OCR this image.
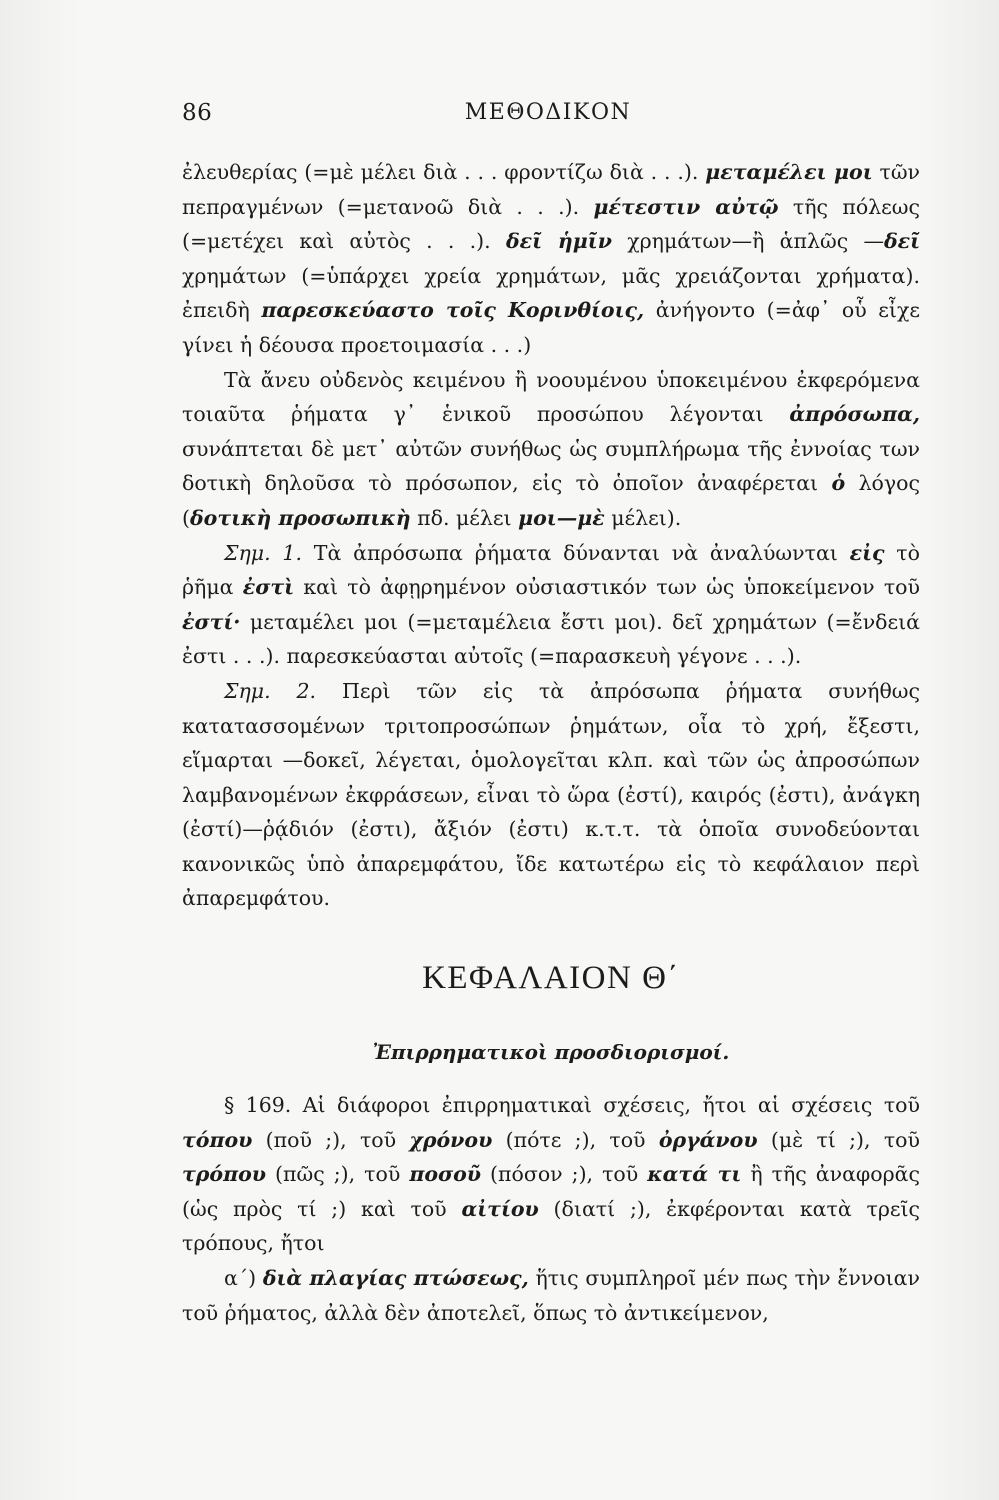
86	ΜΕΘΟΔΙΚΟΝ

ἐλευθερίας (=μὲ μέλει διὰ . . . φροντίζω διὰ . . .). μεταμέλει μοι τῶν πεπραγμένων (=μετανοῶ διὰ . . .). μέτεστιν αὐτῷ τῆς πόλεως (=μετέχει καὶ αὐτὸς . . .). δεῖ ἡμῖν χρημάτων—ἢ ἁπλῶς —δεῖ χρημάτων (=ὑπάρχει χρεία χρημάτων, μᾶς χρειάζονται χρήματα). ἐπειδὴ παρεσκεύαστο τοῖς Κορινθίοις, ἀνήγοντο (=ἀφ᾽ οὗ εἶχε γίνει ἡ δέουσα προετοιμασία . . .)

Τὰ ἄνευ οὐδενὸς κειμένου ἢ νοουμένου ὑποκειμένου ἐκφερόμενα τοιαῦτα ῥήματα γ᾽ ἑνικοῦ προσώπου λέγονται ἀπρόσωπα, συνάπτεται δὲ μετ᾽ αὐτῶν συνήθως ὡς συμπλήρωμα τῆς ἐννοίας των δοτικὴ δηλοῦσα τὸ πρόσωπον, εἰς τὸ ὁποῖον ἀναφέρεται ὁ λόγος (δοτικὴ προσωπικὴ πδ. μέλει μοι—μὲ μέλει).

Σημ. 1. Τὰ ἀπρόσωπα ῥήματα δύνανται νὰ ἀναλύωνται εἰς τὸ ῥῆμα ἐστὶ καὶ τὸ ἀφῃρημένον οὐσιαστικόν των ὡς ὑποκείμενον τοῦ ἐστί· μεταμέλει μοι (=μεταμέλεια ἔστι μοι). δεῖ χρημάτων (=ἔνδειά ἐστι . . .). παρεσκεύασται αὐτοῖς (=παρασκευὴ γέγονε . . .).

Σημ. 2. Περὶ τῶν εἰς τὰ ἀπρόσωπα ῥήματα συνήθως κατατασσομένων τριτοπροσώπων ῥημάτων, οἷα τὸ χρή, ἔξεστι, εἵμαρται —δοκεῖ, λέγεται, ὁμολογεῖται κλπ. καὶ τῶν ὡς ἀπροσώπων λαμβανομένων ἐκφράσεων, εἶναι τὸ ὥρα (ἐστί), καιρός (ἐστι), ἀνάγκη (ἐστί)—ῥᾴδιόν (ἐστι), ἄξιόν (ἐστι) κ.τ.τ. τὰ ὁποῖα συνοδεύονται κανονικῶς ὑπὸ ἀπαρεμφάτου, ἴδε κατωτέρω εἰς τὸ κεφάλαιον περὶ ἀπαρεμφάτου.

ΚΕΦΑΛΑΙΟΝ Θ΄
Ἐπιρρηματικοὶ προσδιορισμοί.

§ 169. Αἱ διάφοροι ἐπιρρηματικαὶ σχέσεις, ἤτοι αἱ σχέσεις τοῦ τόπου (ποῦ ;), τοῦ χρόνου (πότε ;), τοῦ ὀργάνου (μὲ τί ;), τοῦ τρόπου (πῶς ;), τοῦ ποσοῦ (πόσον ;), τοῦ κατά τι ἢ τῆς ἀναφορᾶς (ὡς πρὸς τί ;) καὶ τοῦ αἰτίου (διατί ;), ἐκφέρονται κατὰ τρεῖς τρόπους, ἤτοι

α΄) διὰ πλαγίας πτώσεως, ἥτις συμπληροῖ μέν πως τὴν ἔννοιαν τοῦ ῥήματος, ἀλλὰ δὲν ἀποτελεῖ, ὅπως τὸ ἀντικείμενον,
